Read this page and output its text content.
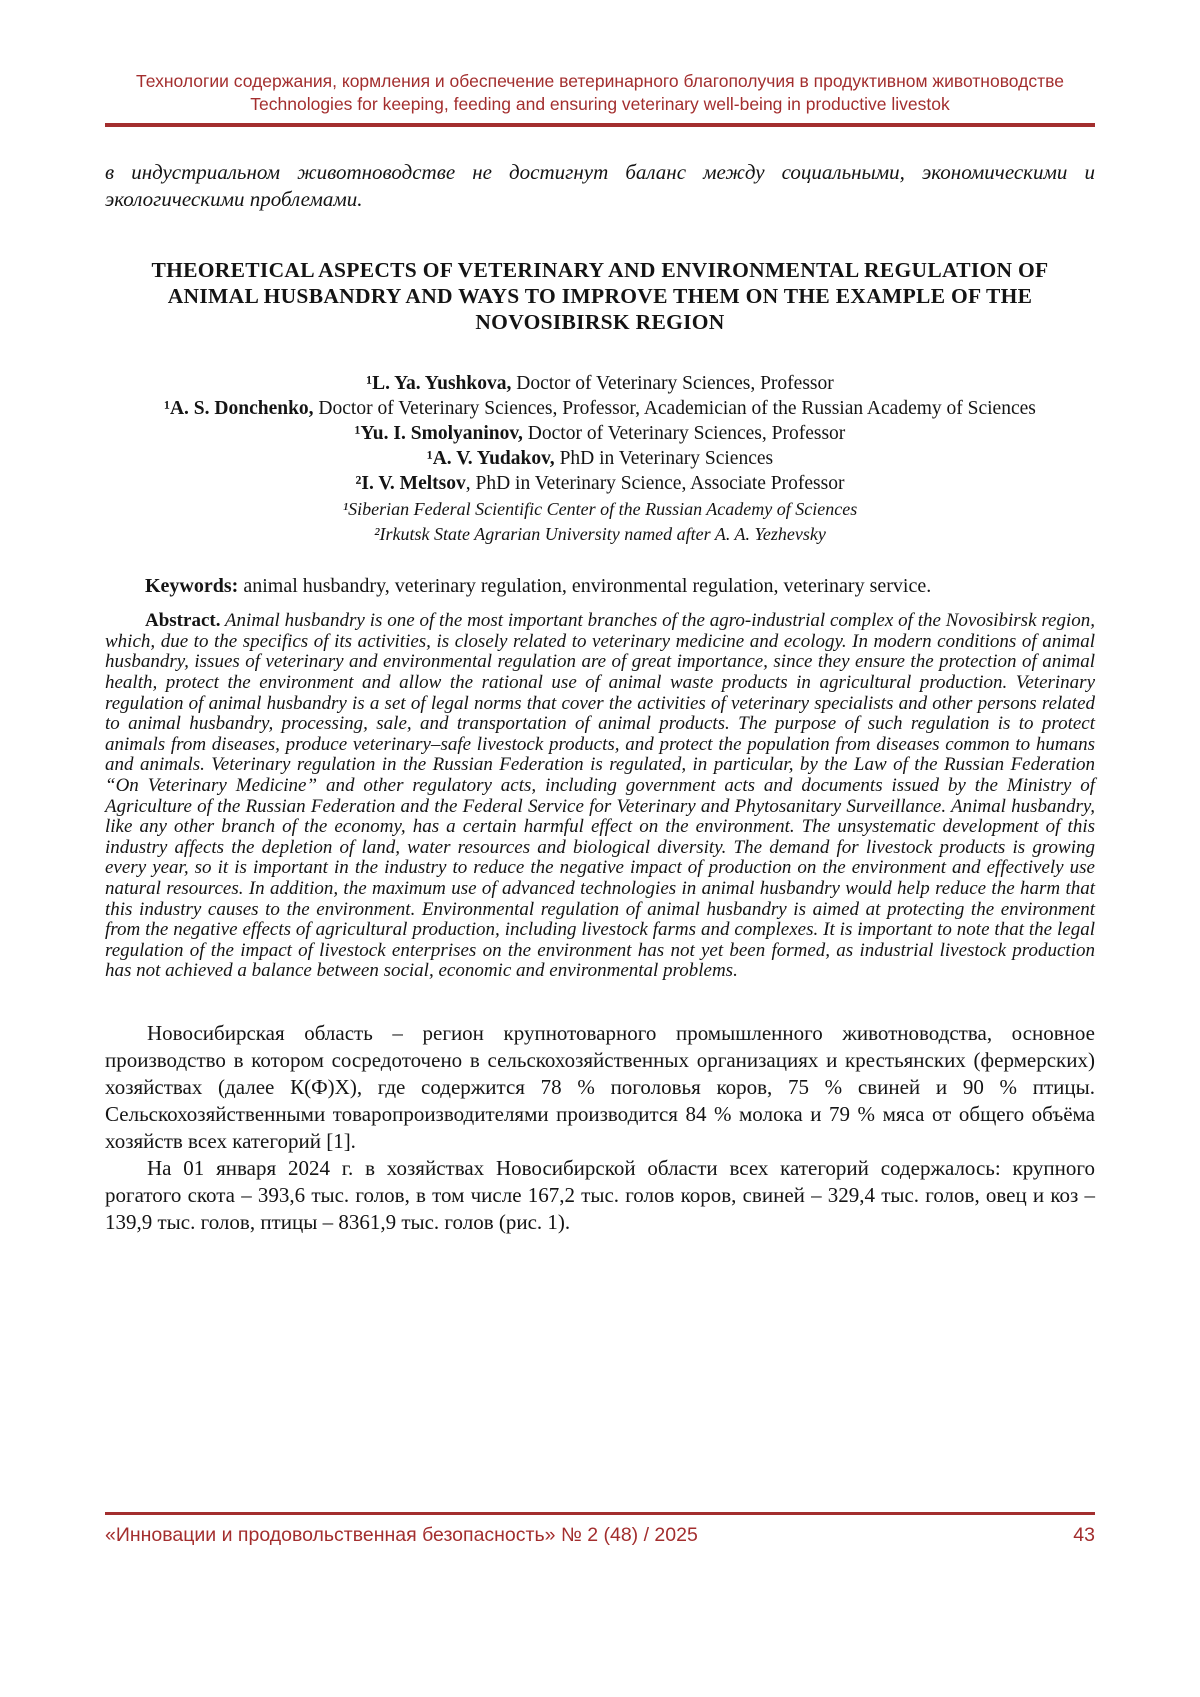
Технологии содержания, кормления и обеспечение ветеринарного благополучия в продуктивном животноводстве
Technologies for keeping, feeding and ensuring veterinary well-being in productive livestok

в индустриальном животноводстве не достигнут баланс между социальными, экономическими и экологическими проблемами.

THEORETICAL ASPECTS OF VETERINARY AND ENVIRONMENTAL REGULATION OF ANIMAL HUSBANDRY AND WAYS TO IMPROVE THEM ON THE EXAMPLE OF THE NOVOSIBIRSK REGION

¹L. Ya. Yushkova, Doctor of Veterinary Sciences, Professor

¹A. S. Donchenko, Doctor of Veterinary Sciences, Professor, Academician of the Russian Academy of Sciences

¹Yu. I. Smolyaninov, Doctor of Veterinary Sciences, Professor

¹A. V. Yudakov, PhD in Veterinary Sciences

²I. V. Meltsov, PhD in Veterinary Science, Associate Professor

¹Siberian Federal Scientific Center of the Russian Academy of Sciences

²Irkutsk State Agrarian University named after A. A. Yezhevsky

Keywords: animal husbandry, veterinary regulation, environmental regulation, veterinary service.

Abstract. Animal husbandry is one of the most important branches of the agro-industrial complex of the Novosibirsk region, which, due to the specifics of its activities, is closely related to veterinary medicine and ecology. In modern conditions of animal husbandry, issues of veterinary and environmental regulation are of great importance, since they ensure the protection of animal health, protect the environment and allow the rational use of animal waste products in agricultural production. Veterinary regulation of animal husbandry is a set of legal norms that cover the activities of veterinary specialists and other persons related to animal husbandry, processing, sale, and transportation of animal products. The purpose of such regulation is to protect animals from diseases, produce veterinary–safe livestock products, and protect the population from diseases common to humans and animals. Veterinary regulation in the Russian Federation is regulated, in particular, by the Law of the Russian Federation “On Veterinary Medicine” and other regulatory acts, including government acts and documents issued by the Ministry of Agriculture of the Russian Federation and the Federal Service for Veterinary and Phytosanitary Surveillance. Animal husbandry, like any other branch of the economy, has a certain harmful effect on the environment. The unsystematic development of this industry affects the depletion of land, water resources and biological diversity. The demand for livestock products is growing every year, so it is important in the industry to reduce the negative impact of production on the environment and effectively use natural resources. In addition, the maximum use of advanced technologies in animal husbandry would help reduce the harm that this industry causes to the environment. Environmental regulation of animal husbandry is aimed at protecting the environment from the negative effects of agricultural production, including livestock farms and complexes. It is important to note that the legal regulation of the impact of livestock enterprises on the environment has not yet been formed, as industrial livestock production has not achieved a balance between social, economic and environmental problems.

Новосибирская область – регион крупнотоварного промышленного животноводства, основное производство в котором сосредоточено в сельскохозяйственных организациях и крестьянских (фермерских) хозяйствах (далее К(Ф)Х), где содержится 78 % поголовья коров, 75 % свиней и 90 % птицы. Сельскохозяйственными товаропроизводителями производится 84 % молока и 79 % мяса от общего объёма хозяйств всех категорий [1].

На 01 января 2024 г. в хозяйствах Новосибирской области всех категорий содержалось: крупного рогатого скота – 393,6 тыс. голов, в том числе 167,2 тыс. голов коров, свиней – 329,4 тыс. голов, овец и коз – 139,9 тыс. голов, птицы – 8361,9 тыс. голов (рис. 1).

«Инновации и продовольственная безопасность» № 2 (48) / 2025	43
